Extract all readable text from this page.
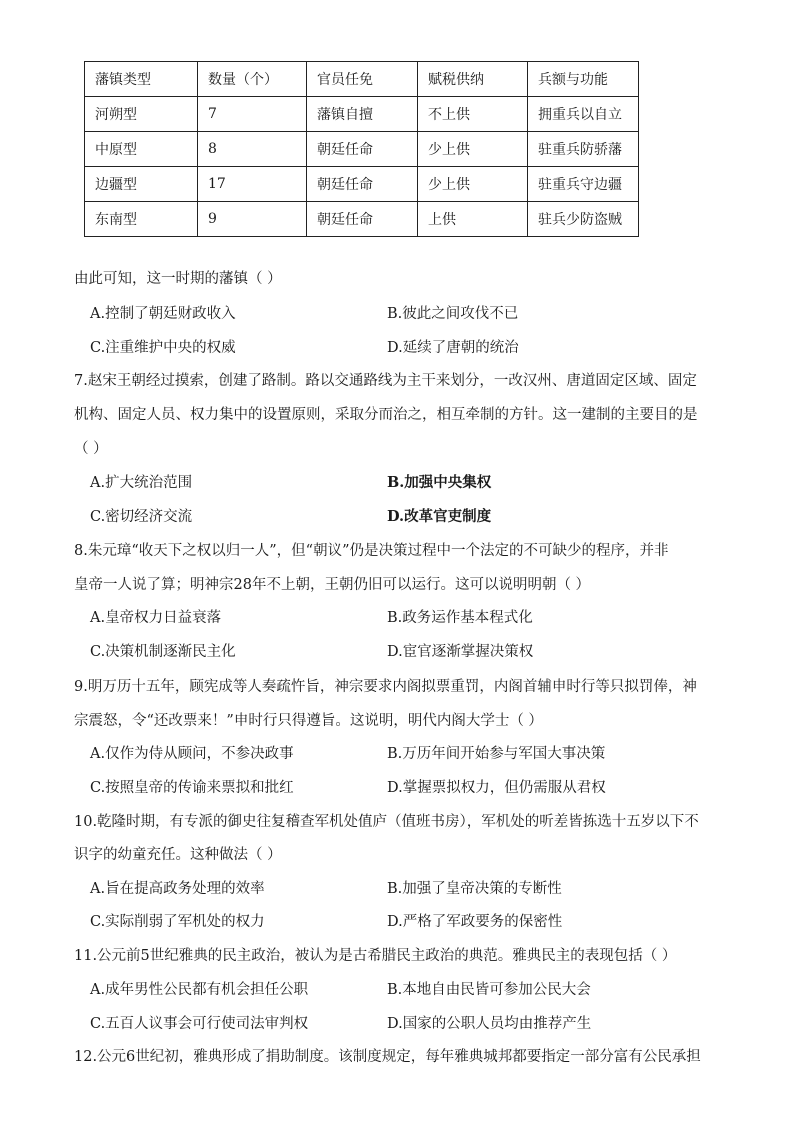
藩镇类型	数量（个）	官员任免	赋税供纳	兵额与功能
河朔型	7	藩镇自擅	不上供	拥重兵以自立
中原型	8	朝廷任命	少上供	驻重兵防骄藩
边疆型	17	朝廷任命	少上供	驻重兵守边疆
东南型	9	朝廷任命	上供	驻兵少防盗贼
由此可知，这一时期的藩镇（ ）
A.控制了朝廷财政收入	B.彼此之间攻伐不已
C.注重维护中央的权威	D.延续了唐朝的统治
7.赵宋王朝经过摸索，创建了路制。路以交通路线为主干来划分，一改汉州、唐道固定区域、固定
机构、固定人员、权力集中的设置原则，采取分而治之，相互牵制的方针。这一建制的主要目的是
（ ）
A.扩大统治范围	B.加强中央集权
C.密切经济交流	D.改革官吏制度
8.朱元璋“收天下之权以归一人”，但“朝议”仍是决策过程中一个法定的不可缺少的程序，并非
皇帝一人说了算；明神宗28年不上朝，王朝仍旧可以运行。这可以说明明朝（ ）
A.皇帝权力日益衰落	B.政务运作基本程式化
C.决策机制逐渐民主化	D.宦官逐渐掌握决策权
9.明万历十五年，顾宪成等人奏疏忤旨，神宗要求内阁拟票重罚，内阁首辅申时行等只拟罚俸，神
宗震怒，令“还改票来！”申时行只得遵旨。这说明，明代内阁大学士（ ）
A.仅作为侍从顾问，不参决政事	B.万历年间开始参与军国大事决策
C.按照皇帝的传谕来票拟和批红	D.掌握票拟权力，但仍需服从君权
10.乾隆时期，有专派的御史往复稽查军机处值庐（值班书房），军机处的听差皆拣选十五岁以下不
识字的幼童充任。这种做法（ ）
A.旨在提高政务处理的效率	B.加强了皇帝决策的专断性
C.实际削弱了军机处的权力	D.严格了军政要务的保密性
11.公元前5世纪雅典的民主政治，被认为是古希腊民主政治的典范。雅典民主的表现包括（ ）
A.成年男性公民都有机会担任公职	B.本地自由民皆可参加公民大会
C.五百人议事会可行使司法审判权	D.国家的公职人员均由推荐产生
12.公元6世纪初，雅典形成了捐助制度。该制度规定，每年雅典城邦都要指定一部分富有公民承担
